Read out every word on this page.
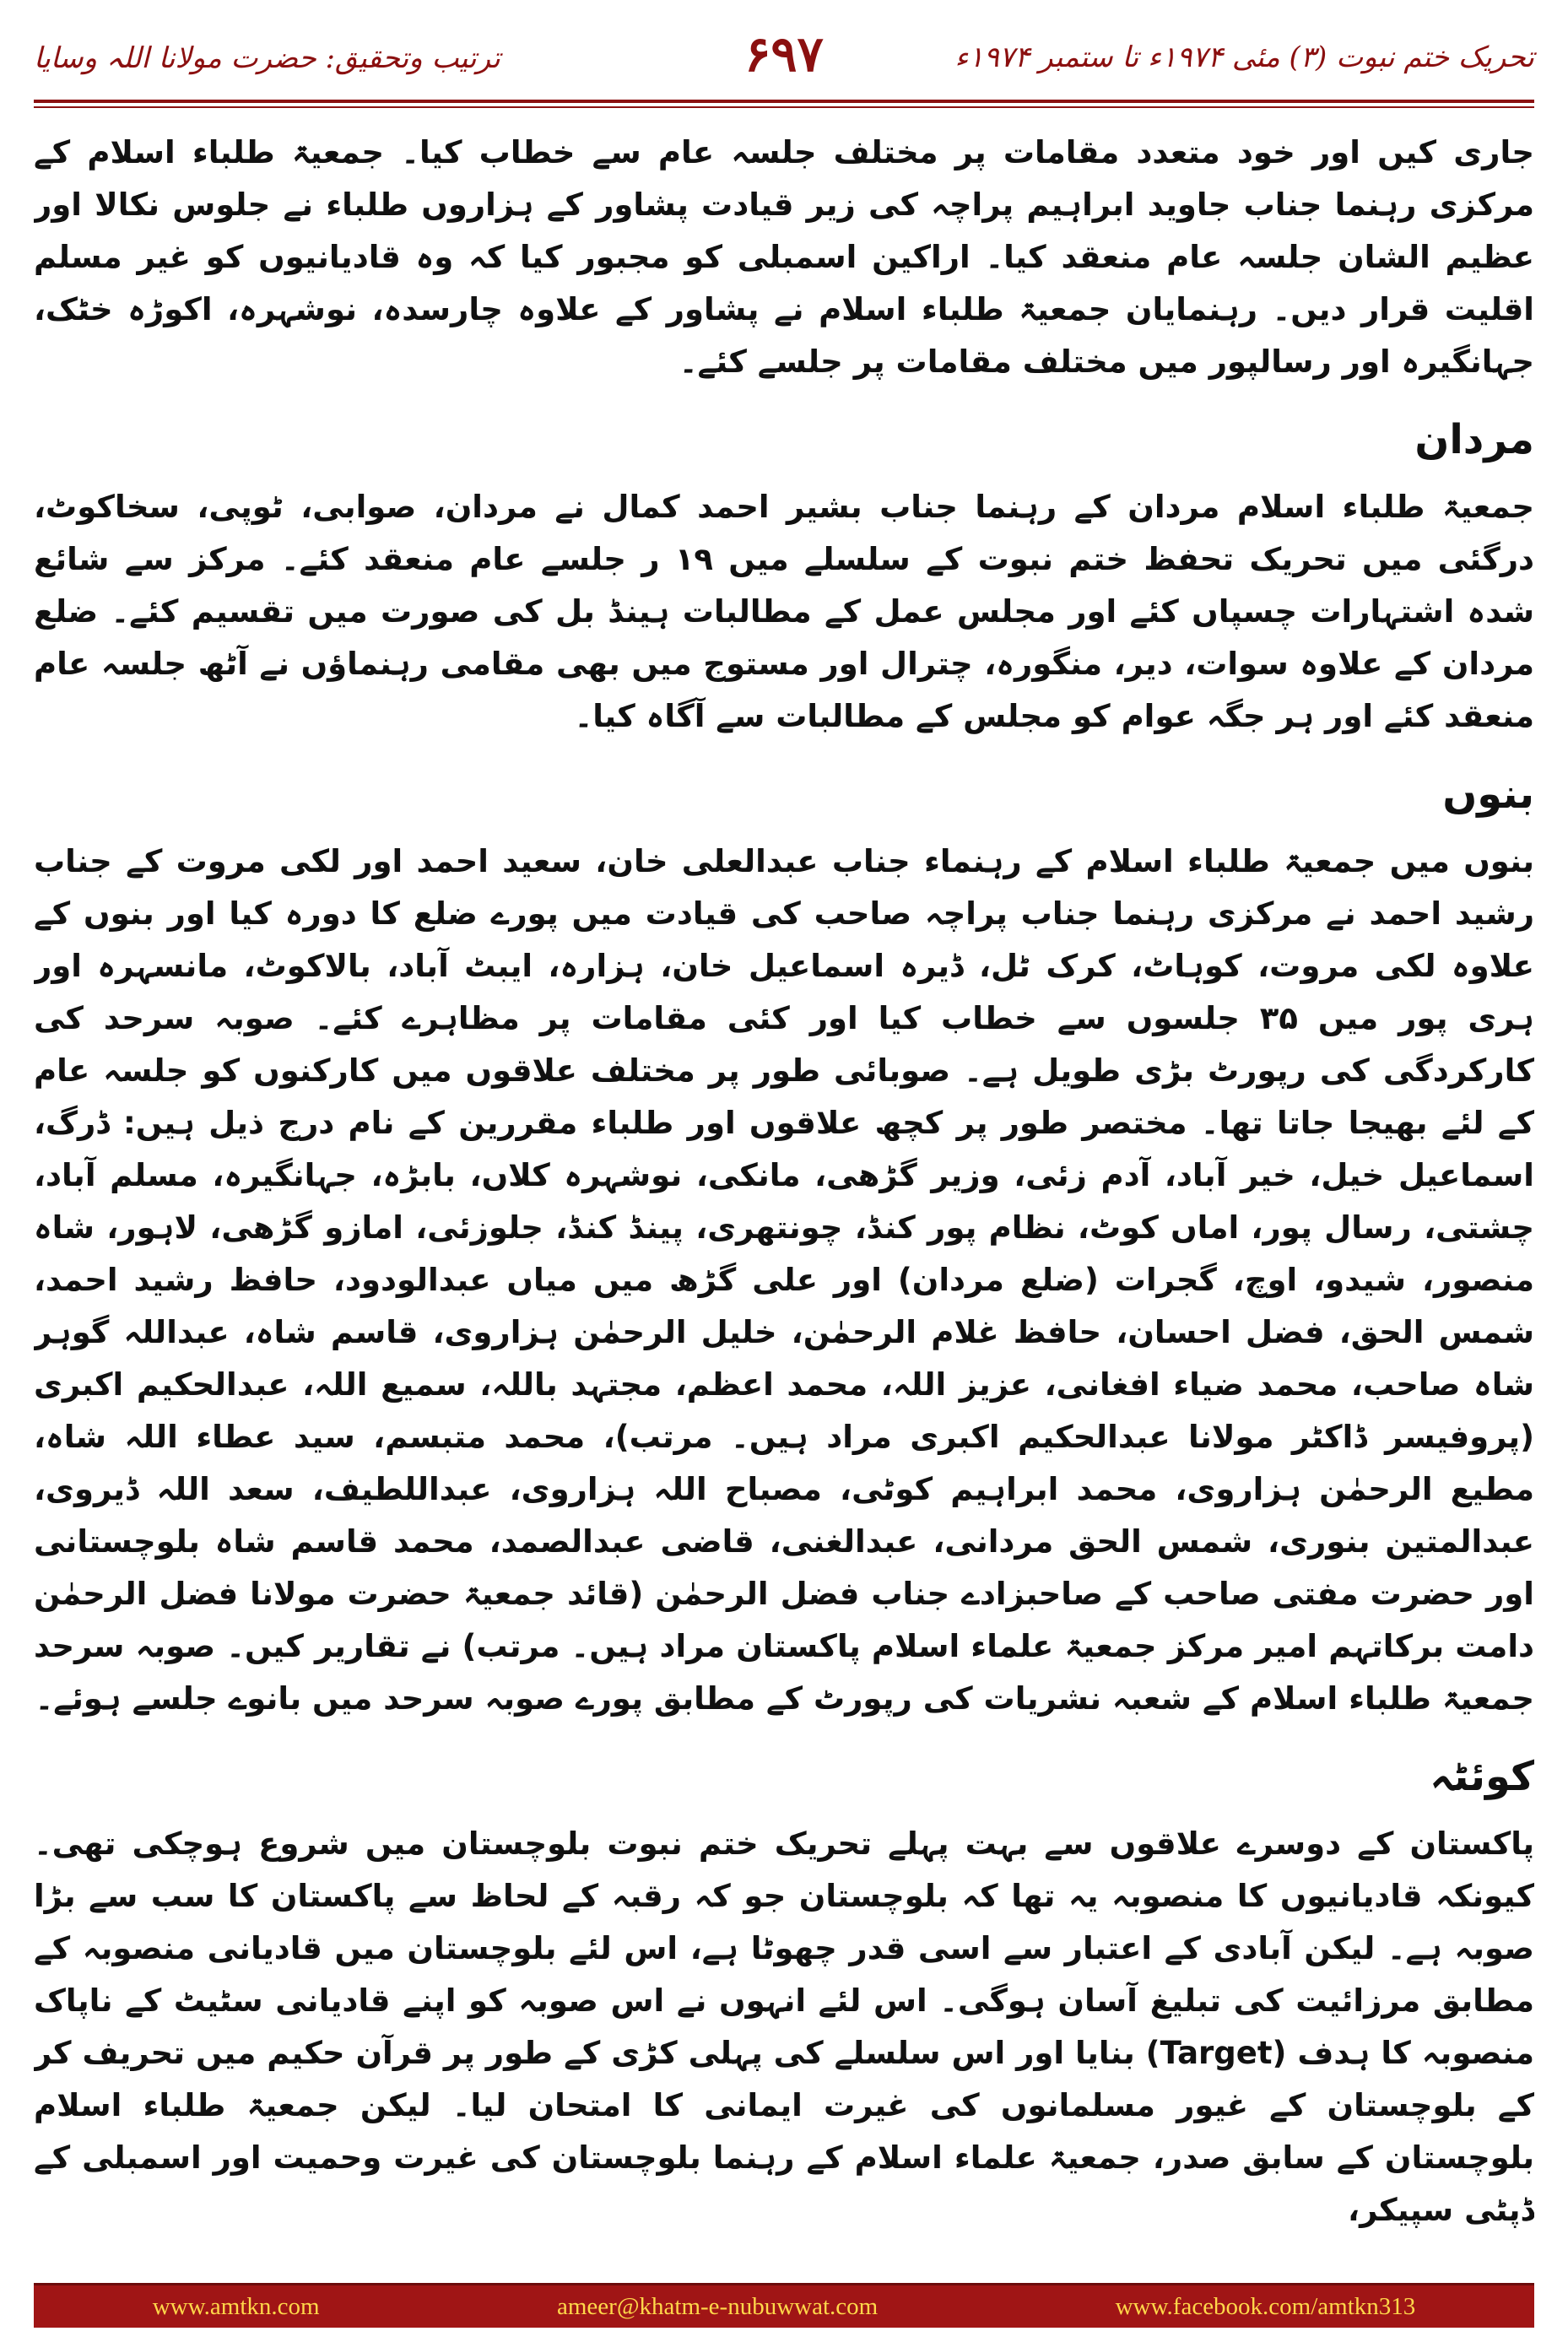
تحریک ختم نبوت (۳) مئی ۱۹۷۴ء تا ستمبر ۱۹۷۴ء
۶۹۷
ترتیب وتحقیق: حضرت مولانا اللہ وسایا

جاری کیں اور خود متعدد مقامات پر مختلف جلسہ عام سے خطاب کیا۔ جمعیۃ طلباء اسلام کے مرکزی رہنما جناب جاوید ابراہیم پراچہ کی زیر قیادت پشاور کے ہزاروں طلباء نے جلوس نکالا اور عظیم الشان جلسہ عام منعقد کیا۔ اراکین اسمبلی کو مجبور کیا کہ وہ قادیانیوں کو غیر مسلم اقلیت قرار دیں۔ رہنمایان جمعیۃ طلباء اسلام نے پشاور کے علاوہ چارسدہ، نوشہرہ، اکوڑہ خٹک، جہانگیرہ اور رسالپور میں مختلف مقامات پر جلسے کئے۔

مردان

جمعیۃ طلباء اسلام مردان کے رہنما جناب بشیر احمد کمال نے مردان، صوابی، ٹوپی، سخاکوٹ، درگئی میں تحریک تحفظ ختم نبوت کے سلسلے میں ۱۹ ر جلسے عام منعقد کئے۔ مرکز سے شائع شدہ اشتہارات چسپاں کئے اور مجلس عمل کے مطالبات ہینڈ بل کی صورت میں تقسیم کئے۔ ضلع مردان کے علاوہ سوات، دیر، منگورہ، چترال اور مستوج میں بھی مقامی رہنماؤں نے آٹھ جلسہ عام منعقد کئے اور ہر جگہ عوام کو مجلس کے مطالبات سے آگاہ کیا۔

بنوں

بنوں میں جمعیۃ طلباء اسلام کے رہنماء جناب عبدالعلی خان، سعید احمد اور لکی مروت کے جناب رشید احمد نے مرکزی رہنما جناب پراچہ صاحب کی قیادت میں پورے ضلع کا دورہ کیا اور بنوں کے علاوہ لکی مروت، کوہاٹ، کرک ٹل، ڈیرہ اسماعیل خان، ہزارہ، ایبٹ آباد، بالاکوٹ، مانسہرہ اور ہری پور میں ۳۵ جلسوں سے خطاب کیا اور کئی مقامات پر مظاہرے کئے۔ صوبہ سرحد کی کارکردگی کی رپورٹ بڑی طویل ہے۔ صوبائی طور پر مختلف علاقوں میں کارکنوں کو جلسہ عام کے لئے بھیجا جاتا تھا۔ مختصر طور پر کچھ علاقوں اور طلباء مقررین کے نام درج ذیل ہیں: ڈرگ، اسماعیل خیل، خیر آباد، آدم زئی، وزیر گڑھی، مانکی، نوشہرہ کلاں، بابڑہ، جہانگیرہ، مسلم آباد، چشتی، رسال پور، اماں کوٹ، نظام پور کنڈ، چونتھری، پینڈ کنڈ، جلوزئی، امازو گڑھی، لاہور، شاہ منصور، شیدو، اوچ، گجرات (ضلع مردان) اور علی گڑھ میں میاں عبدالودود، حافظ رشید احمد، شمس الحق، فضل احسان، حافظ غلام الرحمٰن، خلیل الرحمٰن ہزاروی، قاسم شاہ، عبداللہ گوہر شاہ صاحب، محمد ضیاء افغانی، عزیز اللہ، محمد اعظم، مجتہد باللہ، سمیع اللہ، عبدالحکیم اکبری (پروفیسر ڈاکٹر مولانا عبدالحکیم اکبری مراد ہیں۔ مرتب)، محمد متبسم، سید عطاء اللہ شاہ، مطیع الرحمٰن ہزاروی، محمد ابراہیم کوٹی، مصباح اللہ ہزاروی، عبداللطیف، سعد اللہ ڈیروی، عبدالمتین بنوری، شمس الحق مردانی، عبدالغنی، قاضی عبدالصمد، محمد قاسم شاہ بلوچستانی اور حضرت مفتی صاحب کے صاحبزادے جناب فضل الرحمٰن (قائد جمعیۃ حضرت مولانا فضل الرحمٰن دامت برکاتہم امیر مرکز جمعیۃ علماء اسلام پاکستان مراد ہیں۔ مرتب) نے تقاریر کیں۔ صوبہ سرحد جمعیۃ طلباء اسلام کے شعبہ نشریات کی رپورٹ کے مطابق پورے صوبہ سرحد میں بانوے جلسے ہوئے۔

کوئٹہ

پاکستان کے دوسرے علاقوں سے بہت پہلے تحریک ختم نبوت بلوچستان میں شروع ہوچکی تھی۔ کیونکہ قادیانیوں کا منصوبہ یہ تھا کہ بلوچستان جو کہ رقبہ کے لحاظ سے پاکستان کا سب سے بڑا صوبہ ہے۔ لیکن آبادی کے اعتبار سے اسی قدر چھوٹا ہے، اس لئے بلوچستان میں قادیانی منصوبہ کے مطابق مرزائیت کی تبلیغ آسان ہوگی۔ اس لئے انہوں نے اس صوبہ کو اپنے قادیانی سٹیٹ کے ناپاک منصوبہ کا ہدف (Target) بنایا اور اس سلسلے کی پہلی کڑی کے طور پر قرآن حکیم میں تحریف کر کے بلوچستان کے غیور مسلمانوں کی غیرت ایمانی کا امتحان لیا۔ لیکن جمعیۃ طلباء اسلام بلوچستان کے سابق صدر، جمعیۃ علماء اسلام کے رہنما بلوچستان کی غیرت وحمیت اور اسمبلی کے ڈپٹی سپیکر،

www.amtkn.com	ameer@khatm-e-nubuwwat.com	www.facebook.com/amtkn313
